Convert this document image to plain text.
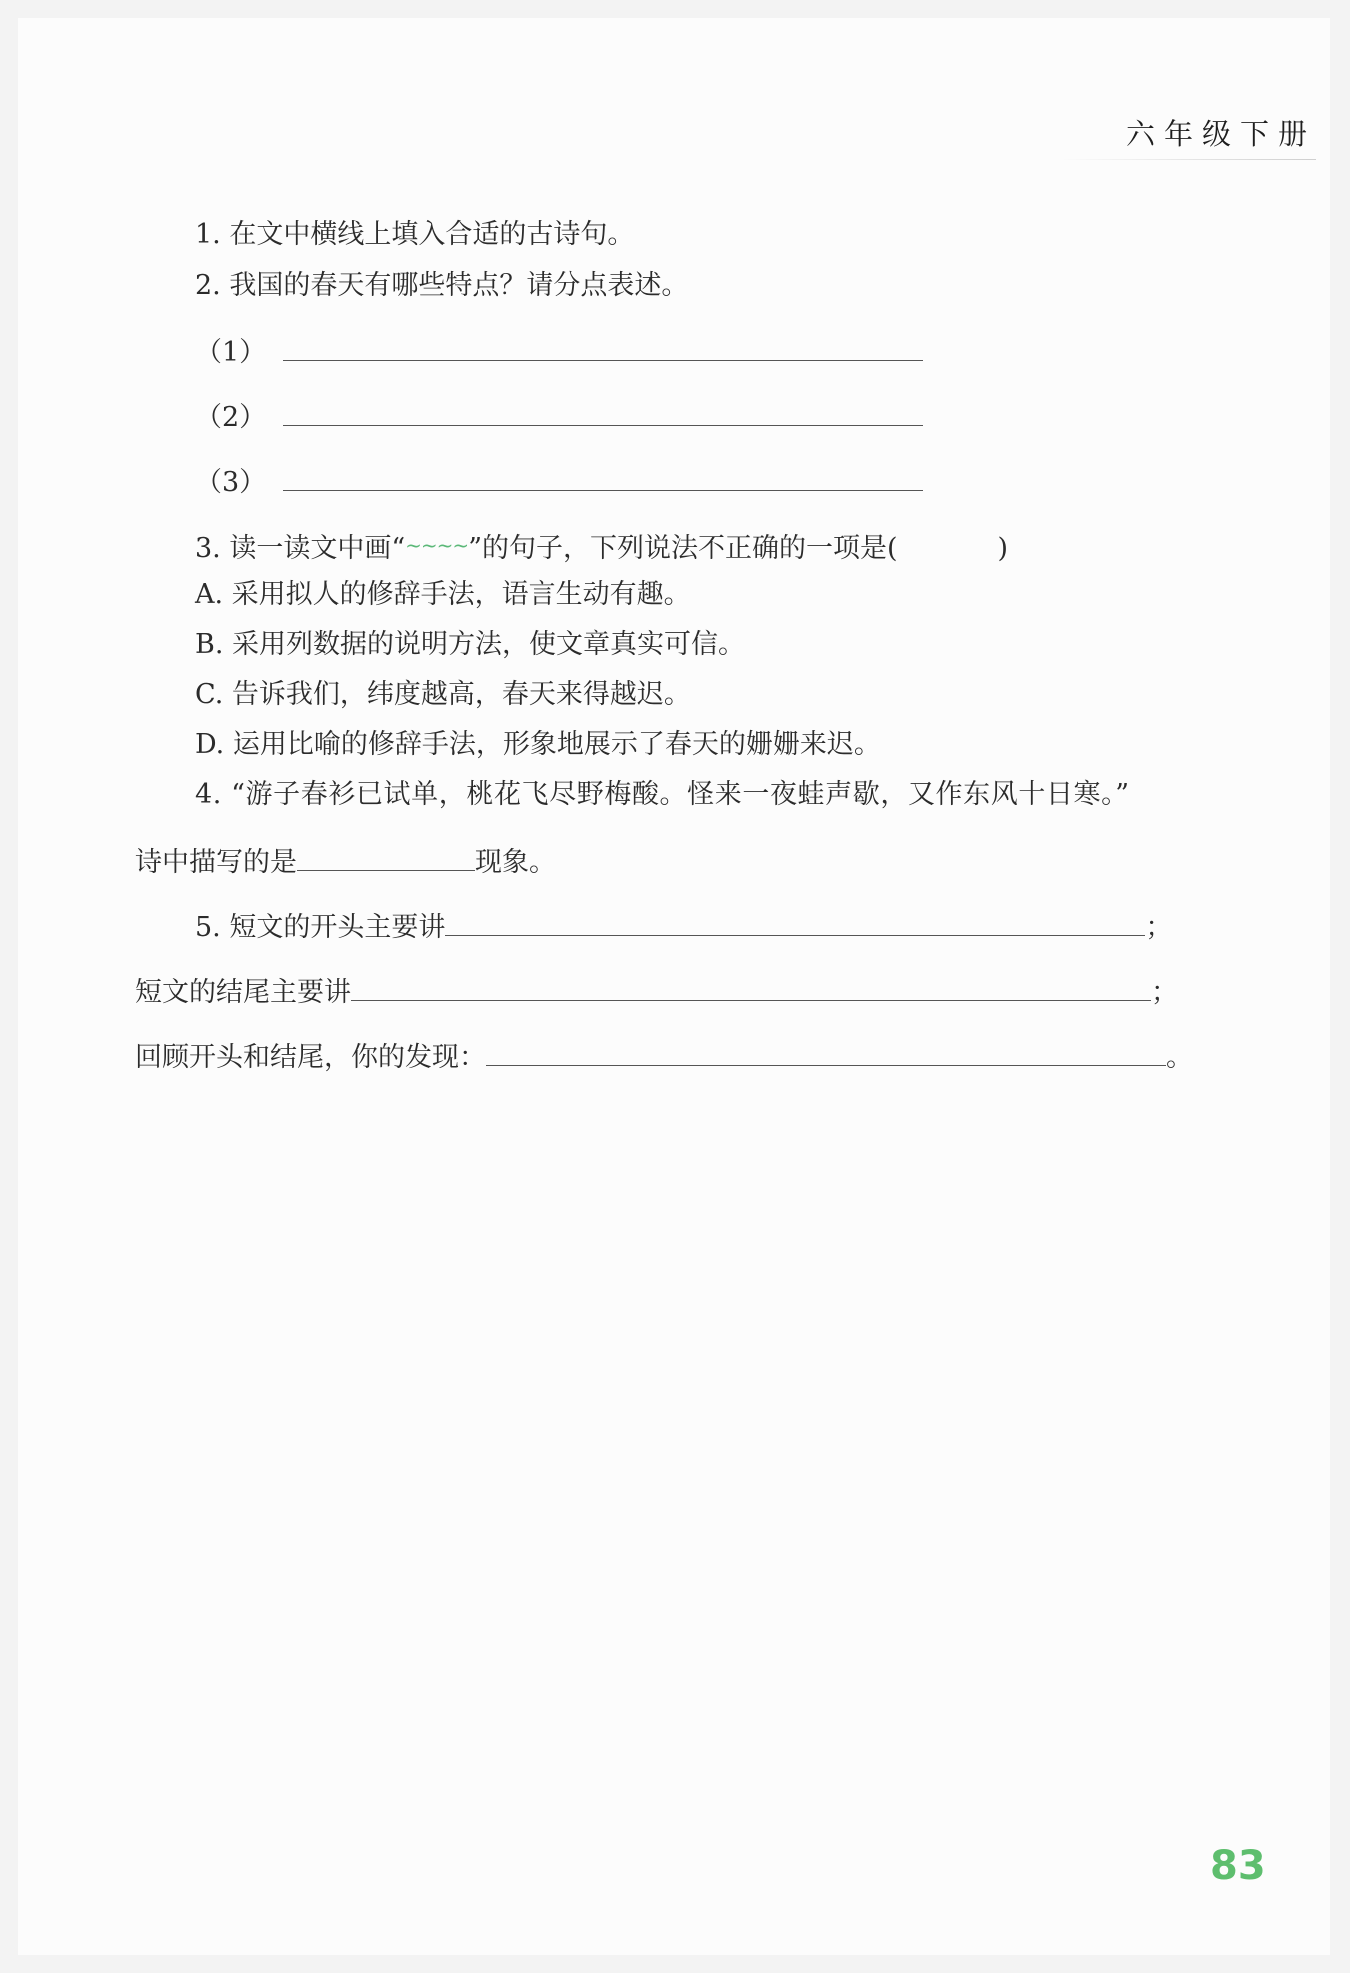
六年级下册
1. 在文中横线上填入合适的古诗句。
2. 我国的春天有哪些特点？请分点表述。
（1）
（2）
（3）
3. 读一读文中画“~~~~”的句子，下列说法不正确的一项是(	)
A. 采用拟人的修辞手法，语言生动有趣。
B. 采用列数据的说明方法，使文章真实可信。
C. 告诉我们，纬度越高，春天来得越迟。
D. 运用比喻的修辞手法，形象地展示了春天的姗姗来迟。
4. “游子春衫已试单，桃花飞尽野梅酸。怪来一夜蛙声歇，又作东风十日寒。”
诗中描写的是	现象。
5. 短文的开头主要讲	；
短文的结尾主要讲	；
回顾开头和结尾，你的发现：	。
83
